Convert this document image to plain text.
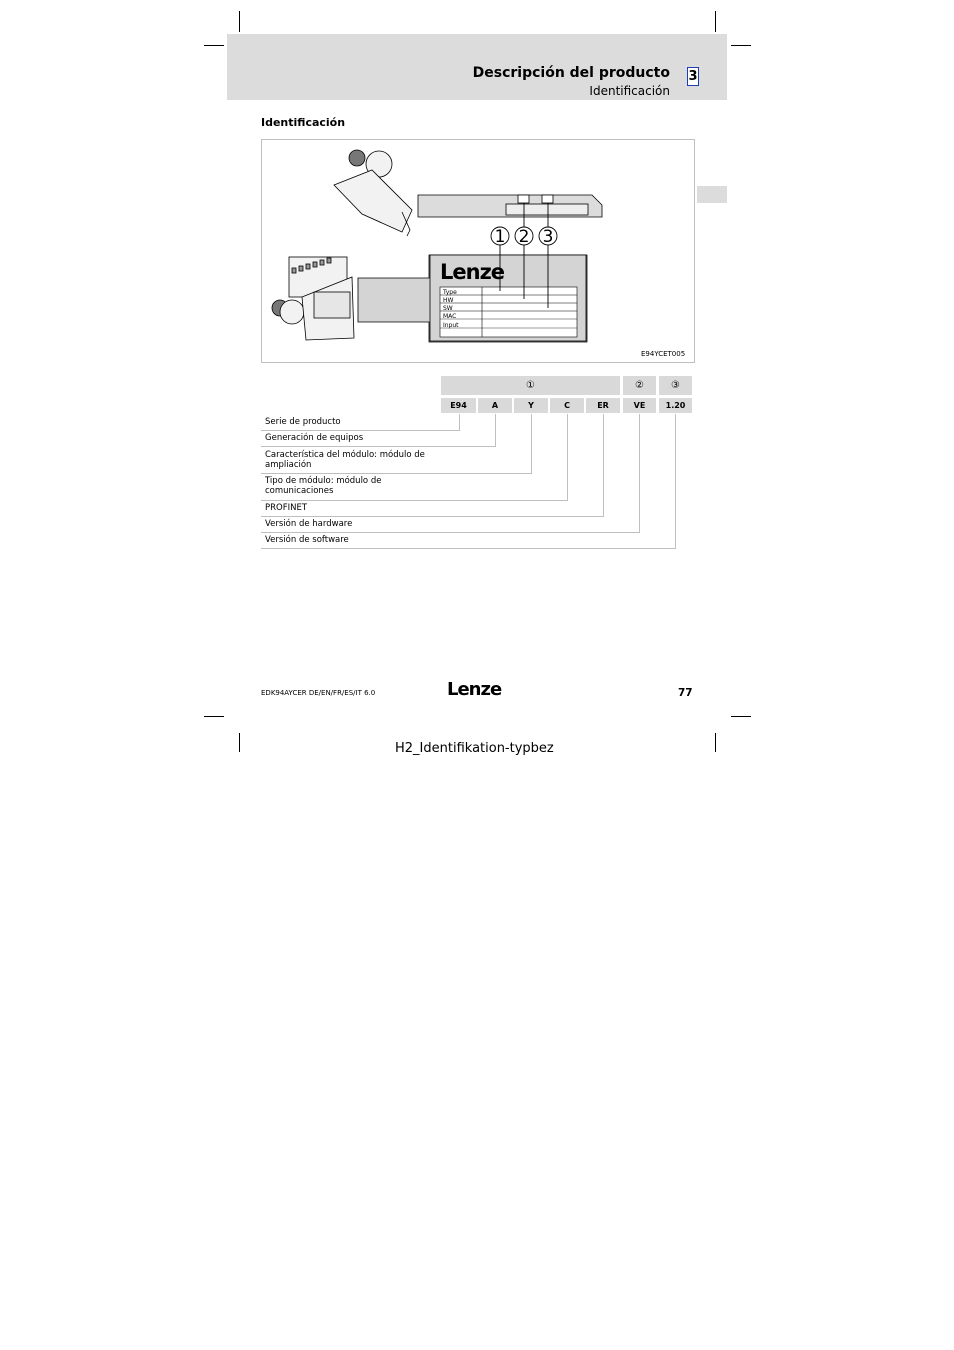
Descripción del producto
Identificación
3
Identificación
Lenze
Type
HW
SW
MAC
Input
1 2 3
E94YCET005
①	②	③
E94	A	Y	C	ER	VE	1.20
Serie de producto
Generación de equipos
Característica del módulo: módulo de ampliación
Tipo de módulo: módulo de comunicaciones
PROFINET
Versión de hardware
Versión de software
EDK94AYCER DE/EN/FR/ES/IT 6.0	Lenze	77
H2_Identifikation-typbez
